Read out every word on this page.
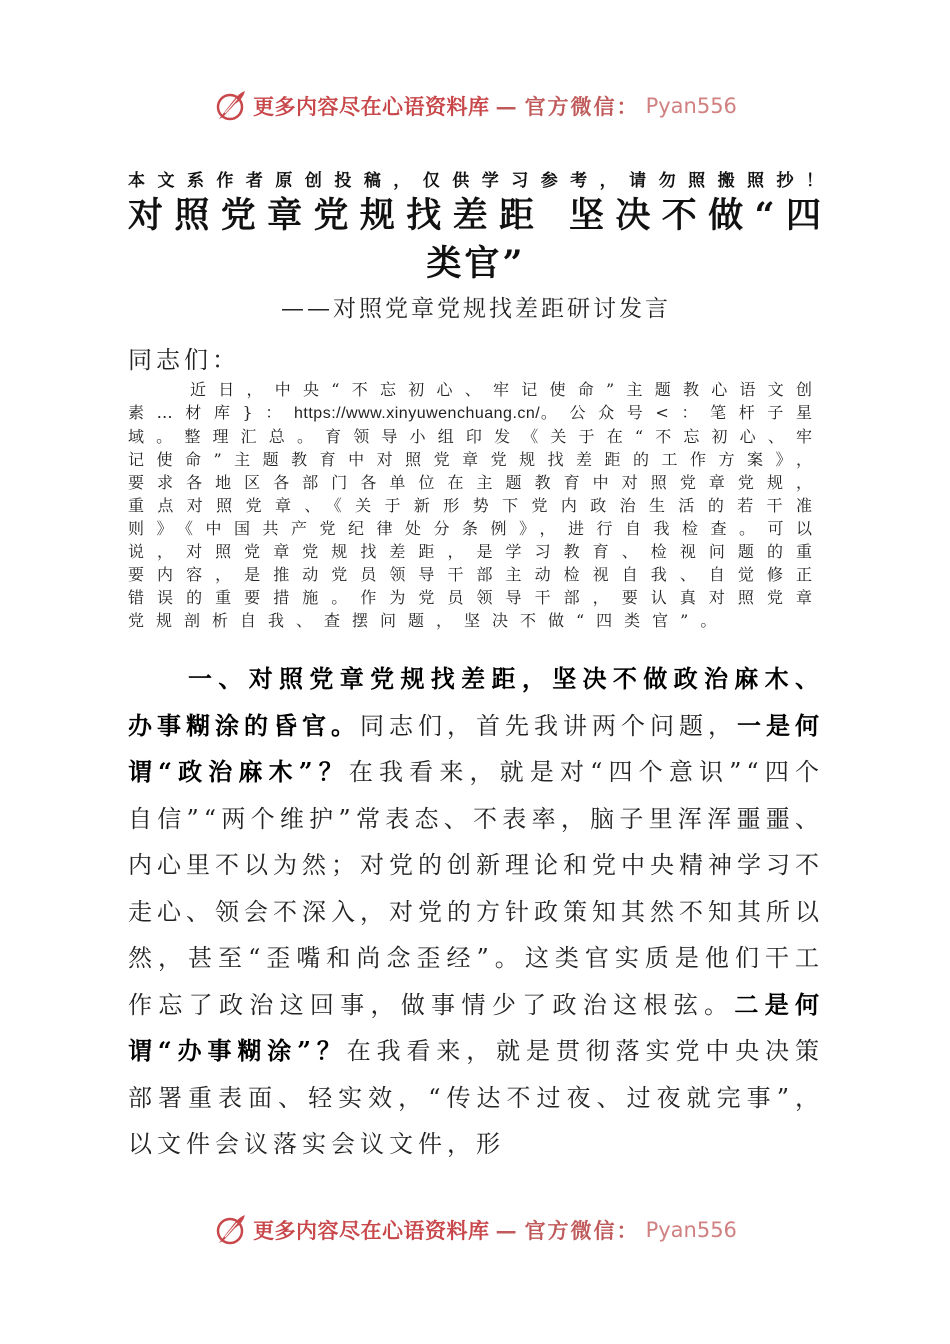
更多内容尽在心语资料库 — 官方微信： Pyan556
本文系作者原创投稿，仅供学习参考，请勿照搬照抄！
对照党章党规找差距 坚决不做“四
类官”
——对照党章党规找差距研讨发言
同志们：

近日，中央“不忘初心、牢记使命”主题教心语文创素…材库}：https://www.xinyuwenchuang.cn/。公众号<：笔杆子星域。整理汇总。育领导小组印发《关于在“不忘初心、牢记使命”主题教育中对照党章党规找差距的工作方案》，要求各地区各部门各单位在主题教育中对照党章党规，重点对照党章、《关于新形势下党内政治生活的若干准则》《中国共产党纪律处分条例》，进行自我检查。可以说，对照党章党规找差距，是学习教育、检视问题的重要内容，是推动党员领导干部主动检视自我、自觉修正错误的重要措施。作为党员领导干部，要认真对照党章党规剖析自我、查摆问题，坚决不做“四类官”。

一、对照党章党规找差距，坚决不做政治麻木、办事糊涂的昏官。同志们，首先我讲两个问题，一是何谓“政治麻木”？在我看来，就是对“四个意识”“四个自信”“两个维护”常表态、不表率，脑子里浑浑噩噩、内心里不以为然；对党的创新理论和党中央精神学习不走心、领会不深入，对党的方针政策知其然不知其所以然，甚至“歪嘴和尚念歪经”。这类官实质是他们干工作忘了政治这回事，做事情少了政治这根弦。二是何谓“办事糊涂”？在我看来，就是贯彻落实党中央决策部署重表面、轻实效，“传达不过夜、过夜就完事”，以文件会议落实会议文件，形

更多内容尽在心语资料库 — 官方微信： Pyan556
